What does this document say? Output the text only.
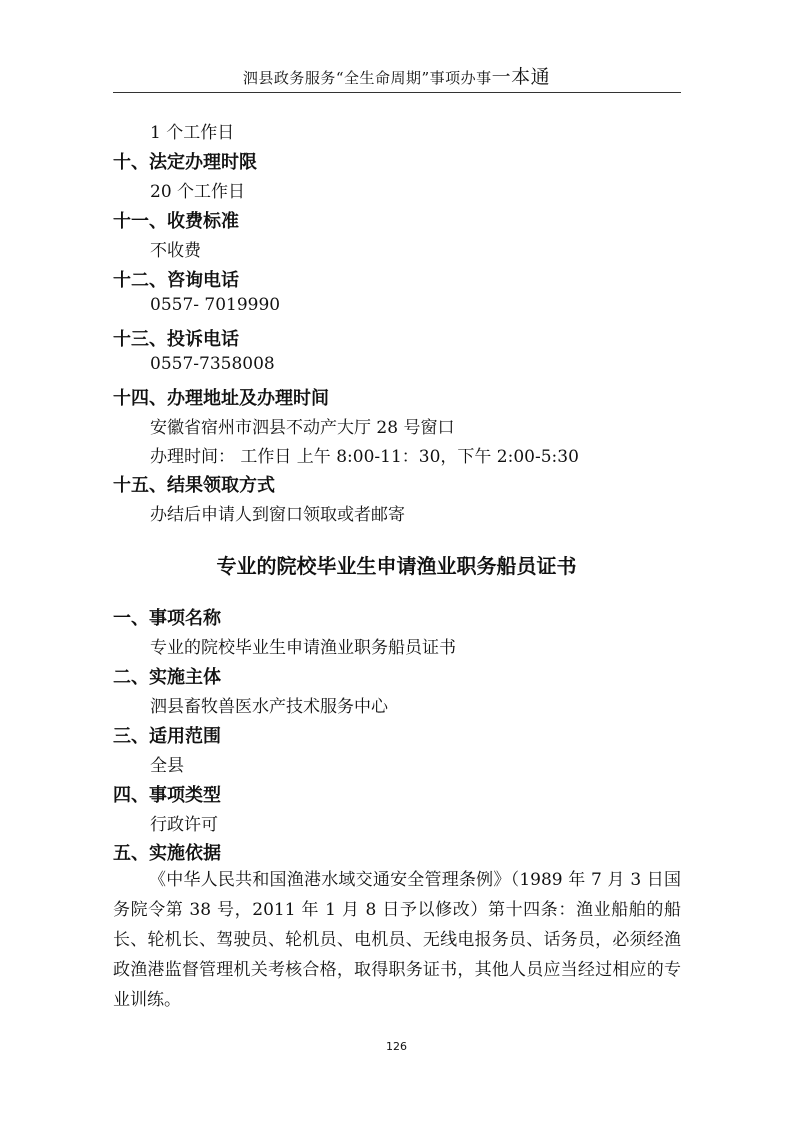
泗县政务服务“全生命周期”事项办事一本通
1 个工作日
十、法定办理时限
20 个工作日
十一、收费标准
不收费
十二、咨询电话
0557- 7019990
十三、投诉电话
0557-7358008
十四、办理地址及办理时间
安徽省宿州市泗县不动产大厅 28 号窗口
办理时间： 工作日 上午 8:00-11：30，下午 2:00-5:30
十五、结果领取方式
办结后申请人到窗口领取或者邮寄
专业的院校毕业生申请渔业职务船员证书
一、事项名称
专业的院校毕业生申请渔业职务船员证书
二、实施主体
泗县畜牧兽医水产技术服务中心
三、适用范围
全县
四、事项类型
行政许可
五、实施依据
《中华人民共和国渔港水域交通安全管理条例》（1989 年 7 月 3 日国务院令第 38 号，2011 年 1 月 8 日予以修改）第十四条：渔业船舶的船长、轮机长、驾驶员、轮机员、电机员、无线电报务员、话务员，必须经渔政渔港监督管理机关考核合格，取得职务证书，其他人员应当经过相应的专业训练。
126
